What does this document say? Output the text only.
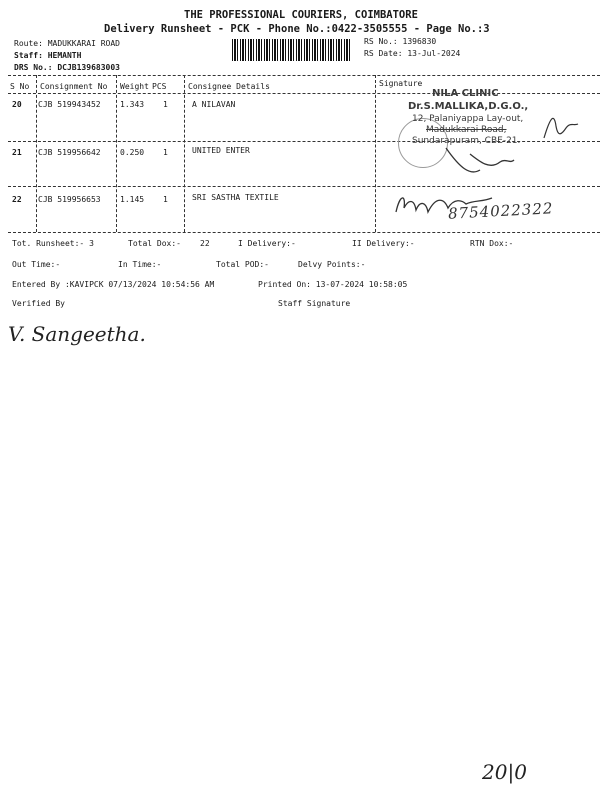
THE PROFESSIONAL COURIERS, COIMBATORE
Delivery Runsheet - PCK - Phone No.:0422-3505555 - Page No.:3
Route: MADUKKARAI ROAD
Staff: HEMANTH
DRS No.: DCJB139683003
RS No.: 1396830
RS Date: 13-Jul-2024
S No Consignment No Weight PCS	Consignee Details	Signature
20 CJB 519943452 1.343 1	A NILAVAN
21 CJB 519956642 0.250 1	UNITED ENTER
22 CJB 519956653 1.145 1	SRI SASTHA TEXTILE
NILA CLINIC
Dr.S.MALLIKA,D.G.O.,
12, Palaniyappa Lay-out,
Madukkarai Road,
Sundarapuram, CBE-21.
8754022322
Tot. Runsheet:- 3	Total Dox:- 22	I Delivery:-	II Delivery:-	RTN Dox:-
Out Time:-	In Time:-	Total POD:-	Delvy Points:-
Entered By :KAVIPCK 07/13/2024 10:54:56 AM	Printed On: 13-07-2024 10:58:05
Verified By	Staff Signature
V. Sangeetha.
20|0
